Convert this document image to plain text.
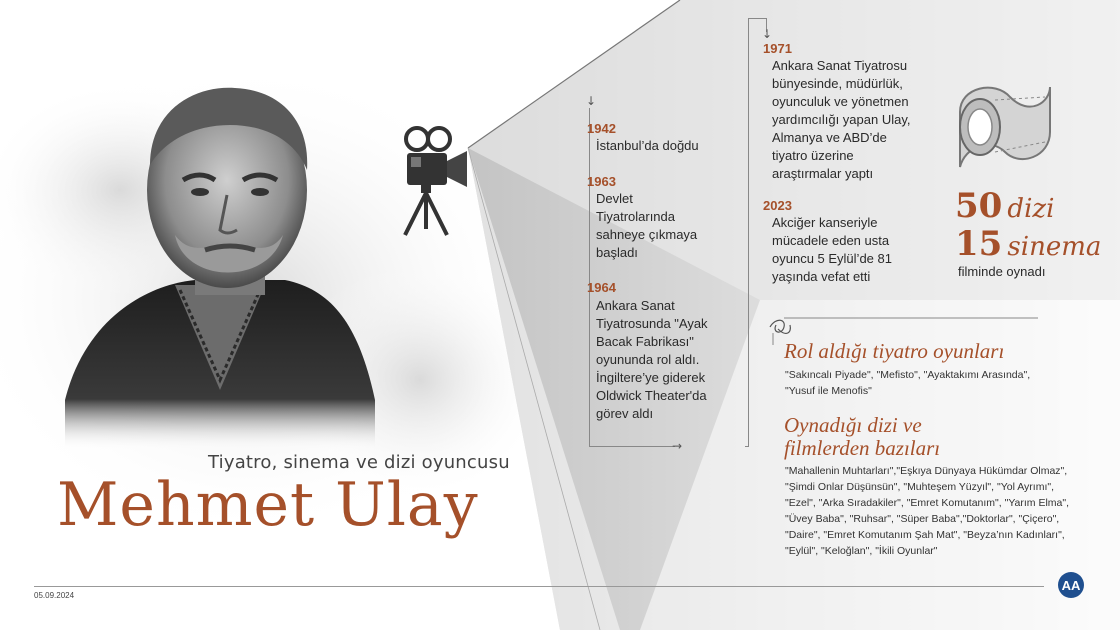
↓
→
1942
İstanbul’da doğdu
1963
Devlet Tiyatrolarında sahneye çıkmaya başladı
1964
Ankara Sanat Tiyatrosunda "Ayak Bacak Fabrikası" oyununda rol aldı. İngiltere’ye giderek Oldwick Theater'da görev aldı
↓
1971
Ankara Sanat Tiyatrosu bünyesinde, müdürlük, oyunculuk ve yönetmen yardımcılığı yapan Ulay, Almanya ve ABD’de tiyatro üzerine araştırmalar yaptı
2023
Akciğer kanseriyle mücadele eden usta oyuncu 5 Eylül’de 81 yaşında vefat etti
50 dizi
15 sinema
filminde oynadı
Rol aldığı tiyatro oyunları
"Sakıncalı Piyade", "Mefisto", "Ayaktakımı Arasında", "Yusuf ile Menofis"
Oynadığı dizi ve
filmlerden bazıları
"Mahallenin Muhtarları","Eşkıya Dünyaya Hükümdar Olmaz", "Şimdi Onlar Düşünsün", "Muhteşem Yüzyıl", "Yol Ayrımı", "Ezel", "Arka Sıradakiler", "Emret Komutanım", "Yarım Elma", "Üvey Baba", "Ruhsar", "Süper Baba","Doktorlar", "Çiçero", "Daire", "Emret Komutanım Şah Mat", "Beyza’nın Kadınları", "Eylül", "Keloğlan", "İkili Oyunlar"
Tiyatro, sinema ve dizi oyuncusu
Mehmet Ulay
05.09.2024
AA
